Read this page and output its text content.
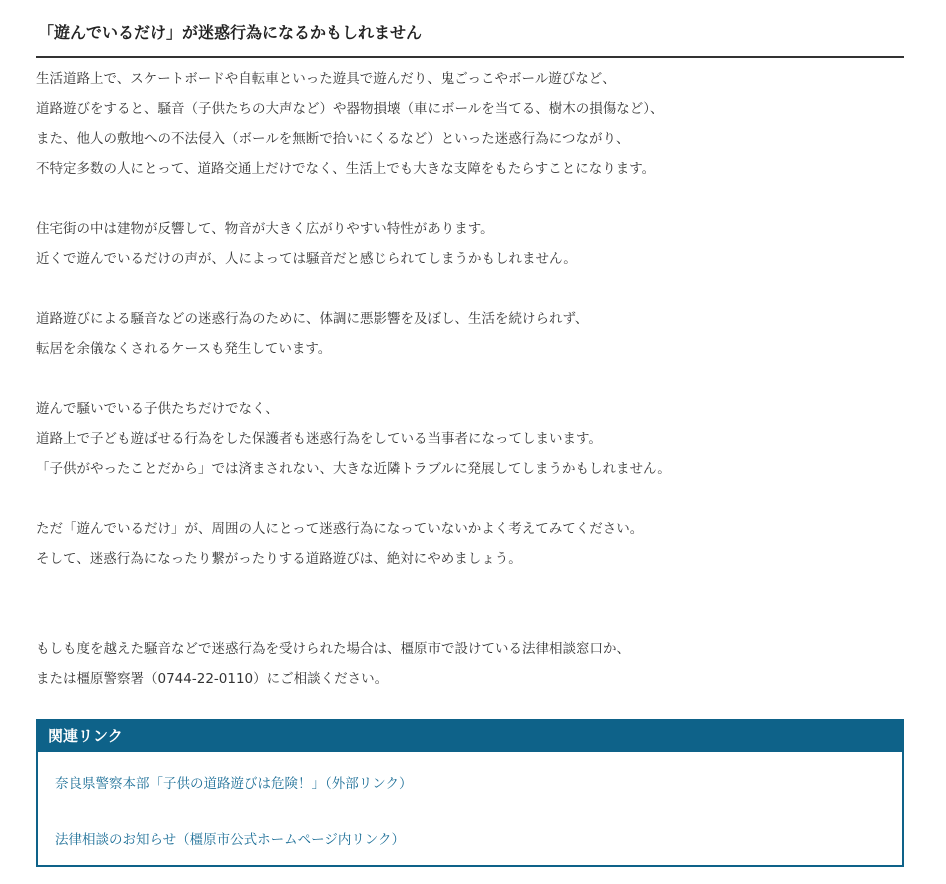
「遊んでいるだけ」が迷惑行為になるかもしれません
生活道路上で、スケートボードや自転車といった遊具で遊んだり、鬼ごっこやボール遊びなど、
道路遊びをすると、騒音（子供たちの大声など）や器物損壊（車にボールを当てる、樹木の損傷など）、
また、他人の敷地への不法侵入（ボールを無断で拾いにくるなど）といった迷惑行為につながり、
不特定多数の人にとって、道路交通上だけでなく、生活上でも大きな支障をもたらすことになります。
住宅街の中は建物が反響して、物音が大きく広がりやすい特性があります。
近くで遊んでいるだけの声が、人によっては騒音だと感じられてしまうかもしれません。
道路遊びによる騒音などの迷惑行為のために、体調に悪影響を及ぼし、生活を続けられず、
転居を余儀なくされるケースも発生しています。
遊んで騒いでいる子供たちだけでなく、
道路上で子ども遊ばせる行為をした保護者も迷惑行為をしている当事者になってしまいます。
「子供がやったことだから」では済まされない、大きな近隣トラブルに発展してしまうかもしれません。
ただ「遊んでいるだけ」が、周囲の人にとって迷惑行為になっていないかよく考えてみてください。
そして、迷惑行為になったり繋がったりする道路遊びは、絶対にやめましょう。
もしも度を越えた騒音などで迷惑行為を受けられた場合は、橿原市で設けている法律相談窓口か、
または橿原警察署（0744-22-0110）にご相談ください。
関連リンク
奈良県警察本部「子供の道路遊びは危険！」（外部リンク）
法律相談のお知らせ（橿原市公式ホームページ内リンク）
